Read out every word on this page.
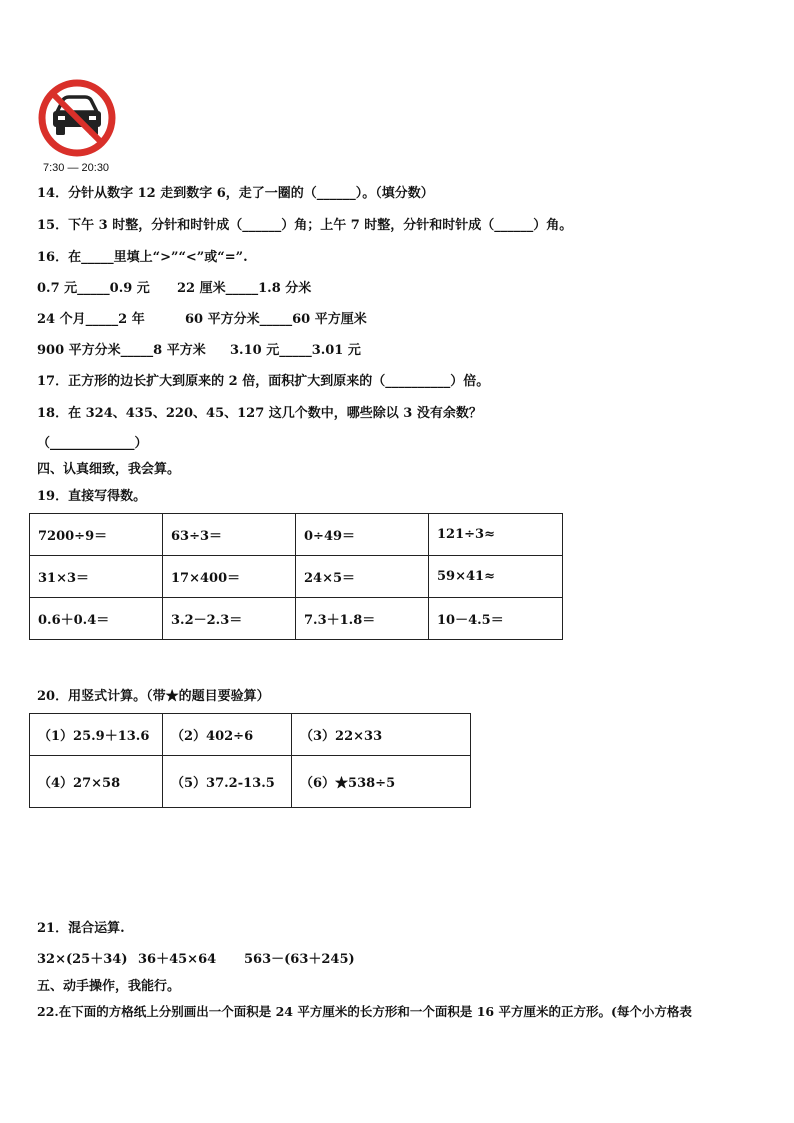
7:30 — 20:30
14．分针从数字 12 走到数字 6，走了一圈的（______）。（填分数）
15．下午 3 时整，分针和时针成（______）角；上午 7 时整，分针和时针成（______）角。
16．在_____里填上“>”“<”或“=”.
0.7 元_____0.9 元 22 厘米_____1.8 分米
24 个月_____2 年	60 平方分米_____60 平方厘米
900 平方分米_____8 平方米 3.10 元_____3.01 元
17．正方形的边长扩大到原来的 2 倍，面积扩大到原来的（__________）倍。
18．在 324、435、220、45、127 这几个数中，哪些除以 3 没有余数？
（_____________）
四、认真细致，我会算。
19．直接写得数。
7200÷9＝	63÷3＝	0÷49＝	121÷3≈
31×3＝	17×400＝	24×5＝	59×41≈
0.6＋0.4＝	3.2－2.3＝	7.3＋1.8＝	10－4.5＝
20．用竖式计算。（带★的题目要验算）
（1）25.9＋13.6	（2）402÷6	（3）22×33
（4）27×58	（5）37.2-13.5	（6）★538÷5
21．混合运算.
32×(25＋34) 36＋45×64 563－(63＋245)
五、动手操作，我能行。
22.在下面的方格纸上分别画出一个面积是 24 平方厘米的长方形和一个面积是 16 平方厘米的正方形。(每个小方格表
